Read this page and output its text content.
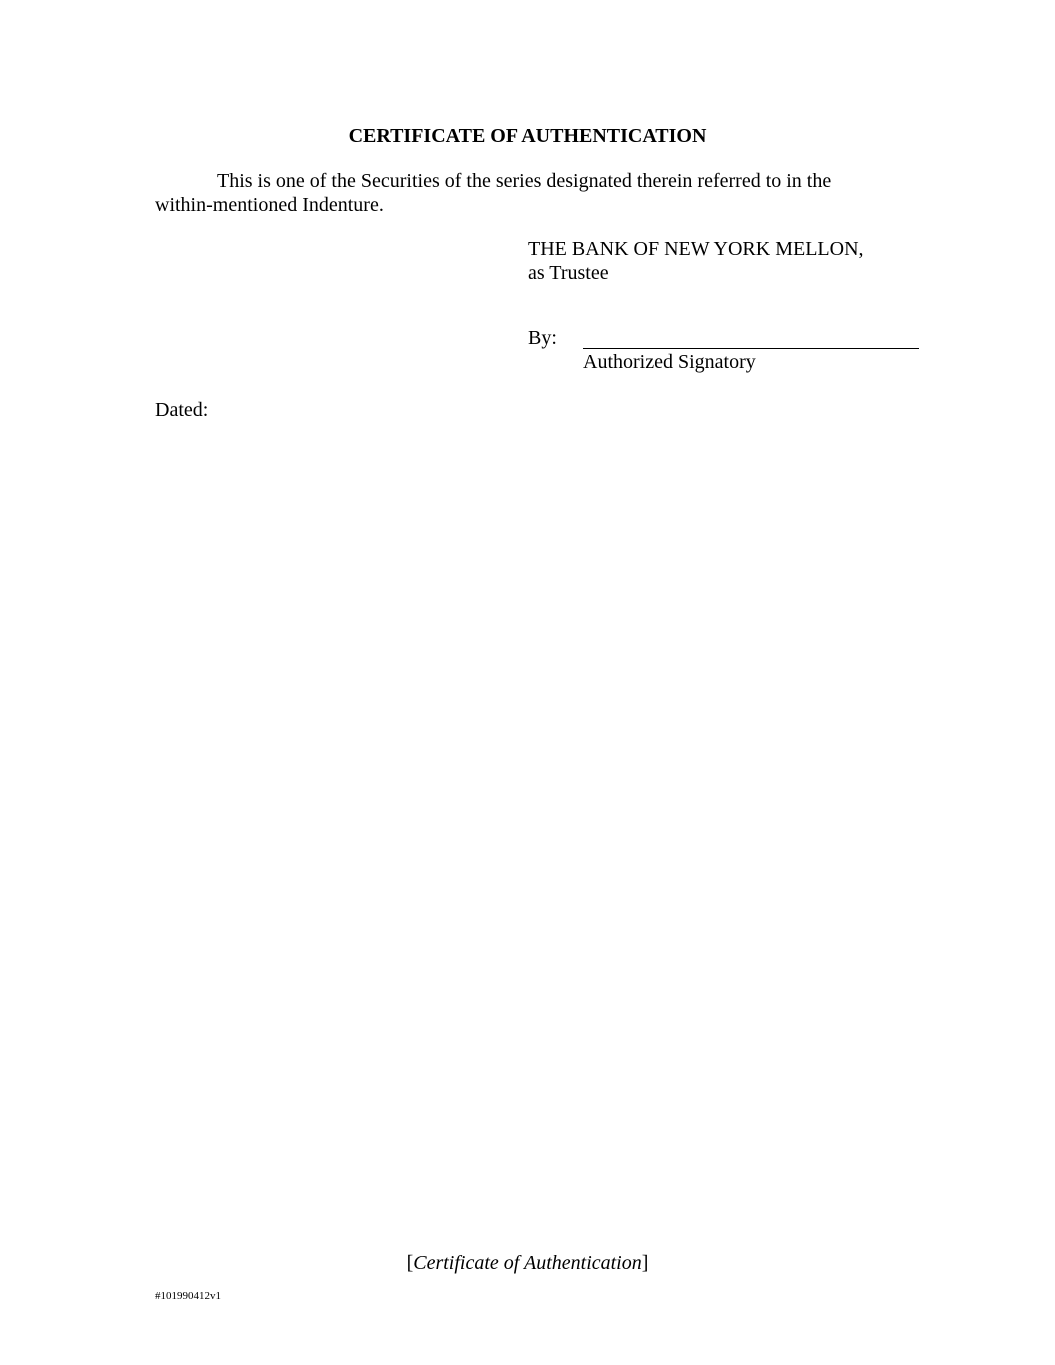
CERTIFICATE OF AUTHENTICATION
This is one of the Securities of the series designated therein referred to in the within-mentioned Indenture.
THE BANK OF NEW YORK MELLON,
as Trustee
By:
Authorized Signatory
Dated:
[Certificate of Authentication]
#101990412v1
